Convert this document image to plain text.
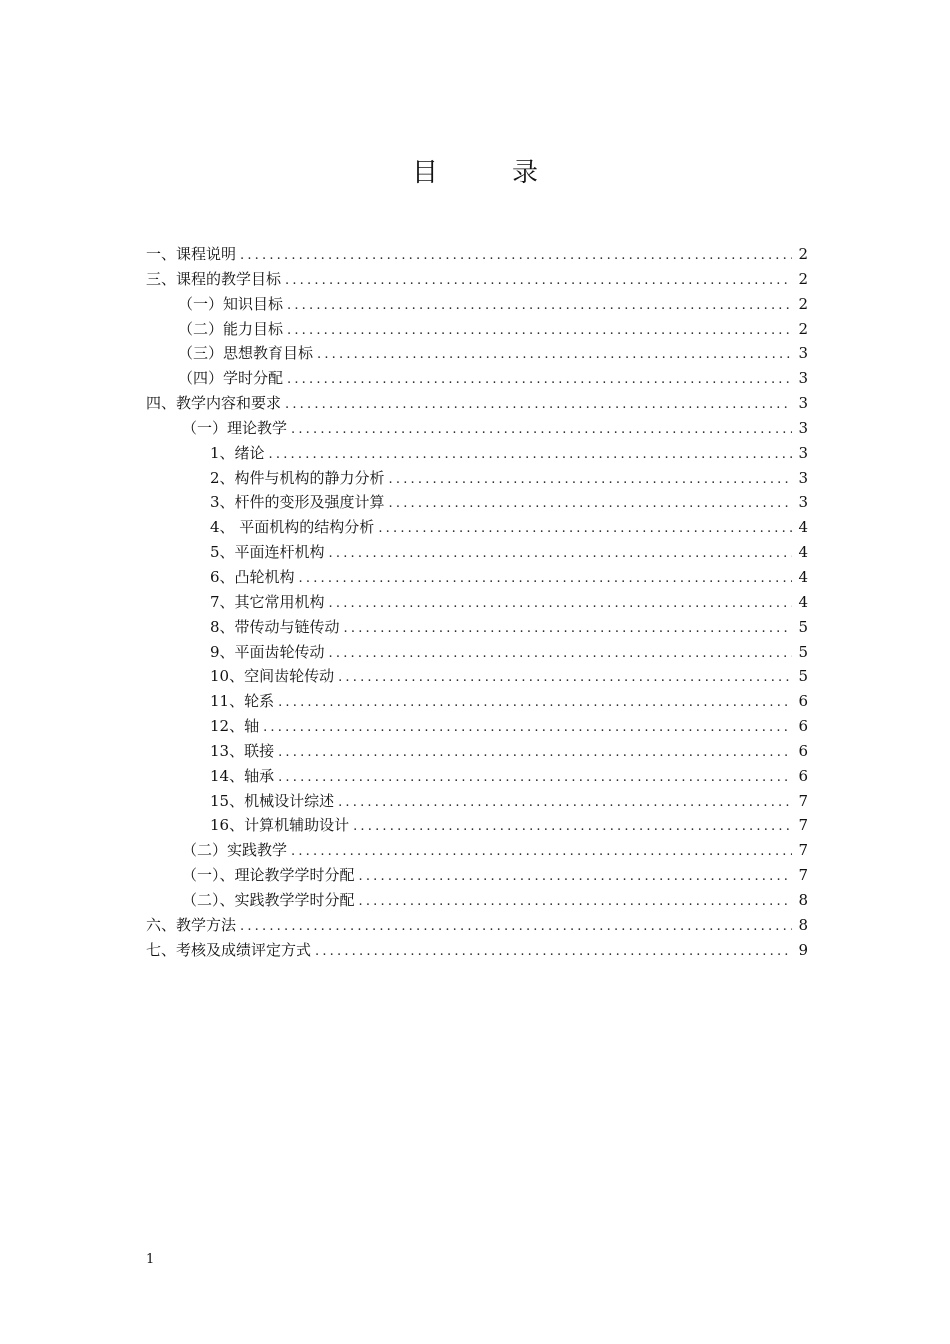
目	录
一、课程说明 .....	2
三、课程的教学目标 .....	2
（一）知识目标 .....	2
（二）能力目标 .....	2
（三）思想教育目标 .....	3
（四）学时分配 .....	3
四、教学内容和要求 .....	3
（一）理论教学 .....	3
1、绪论 .....	3
2、构件与机构的静力分析 .....	3
3、杆件的变形及强度计算 .....	3
4、 平面机构的结构分析 .....	4
5、平面连杆机构 .....	4
6、凸轮机构 .....	4
7、其它常用机构 .....	4
8、带传动与链传动 .....	5
9、平面齿轮传动 .....	5
10、空间齿轮传动 .....	5
11、轮系 .....	6
12、轴 .....	6
13、联接 .....	6
14、轴承 .....	6
15、机械设计综述 .....	7
16、计算机辅助设计 .....	7
（二）实践教学 .....	7
（一）、理论教学学时分配 .....	7
（二）、实践教学学时分配 .....	8
六、教学方法 .....	8
七、考核及成绩评定方式 .....	9
1
